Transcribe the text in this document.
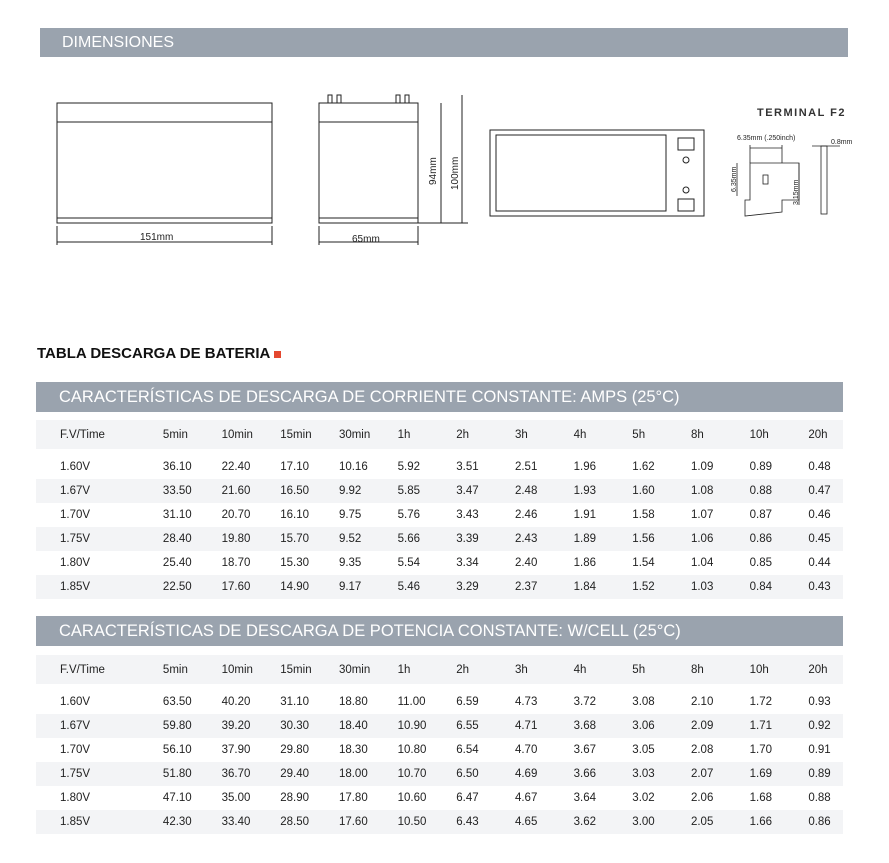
DIMENSIONES
151mm	65mm
94mm 100mm
TERMINAL F2
6.35mm (.250inch)
0.8mm
6.35mm
3.15mm
TABLA DESCARGA DE BATERIA
CARACTERÍSTICAS DE DESCARGA DE CORRIENTE CONSTANTE: AMPS (25°C)
F.V/Time	5min	10min	15min	30min	1h	2h	3h	4h	5h	8h	10h	20h

1.60V	36.10	22.40	17.10	10.16	5.92	3.51	2.51	1.96	1.62	1.09	0.89	0.48
1.67V	33.50	21.60	16.50	9.92	5.85	3.47	2.48	1.93	1.60	1.08	0.88	0.47
1.70V	31.10	20.70	16.10	9.75	5.76	3.43	2.46	1.91	1.58	1.07	0.87	0.46
1.75V	28.40	19.80	15.70	9.52	5.66	3.39	2.43	1.89	1.56	1.06	0.86	0.45
1.80V	25.40	18.70	15.30	9.35	5.54	3.34	2.40	1.86	1.54	1.04	0.85	0.44
1.85V	22.50	17.60	14.90	9.17	5.46	3.29	2.37	1.84	1.52	1.03	0.84	0.43
CARACTERÍSTICAS DE DESCARGA DE POTENCIA CONSTANTE: W/CELL (25°C)
F.V/Time	5min	10min	15min	30min	1h	2h	3h	4h	5h	8h	10h	20h

1.60V	63.50	40.20	31.10	18.80	11.00	6.59	4.73	3.72	3.08	2.10	1.72	0.93
1.67V	59.80	39.20	30.30	18.40	10.90	6.55	4.71	3.68	3.06	2.09	1.71	0.92
1.70V	56.10	37.90	29.80	18.30	10.80	6.54	4.70	3.67	3.05	2.08	1.70	0.91
1.75V	51.80	36.70	29.40	18.00	10.70	6.50	4.69	3.66	3.03	2.07	1.69	0.89
1.80V	47.10	35.00	28.90	17.80	10.60	6.47	4.67	3.64	3.02	2.06	1.68	0.88
1.85V	42.30	33.40	28.50	17.60	10.50	6.43	4.65	3.62	3.00	2.05	1.66	0.86
